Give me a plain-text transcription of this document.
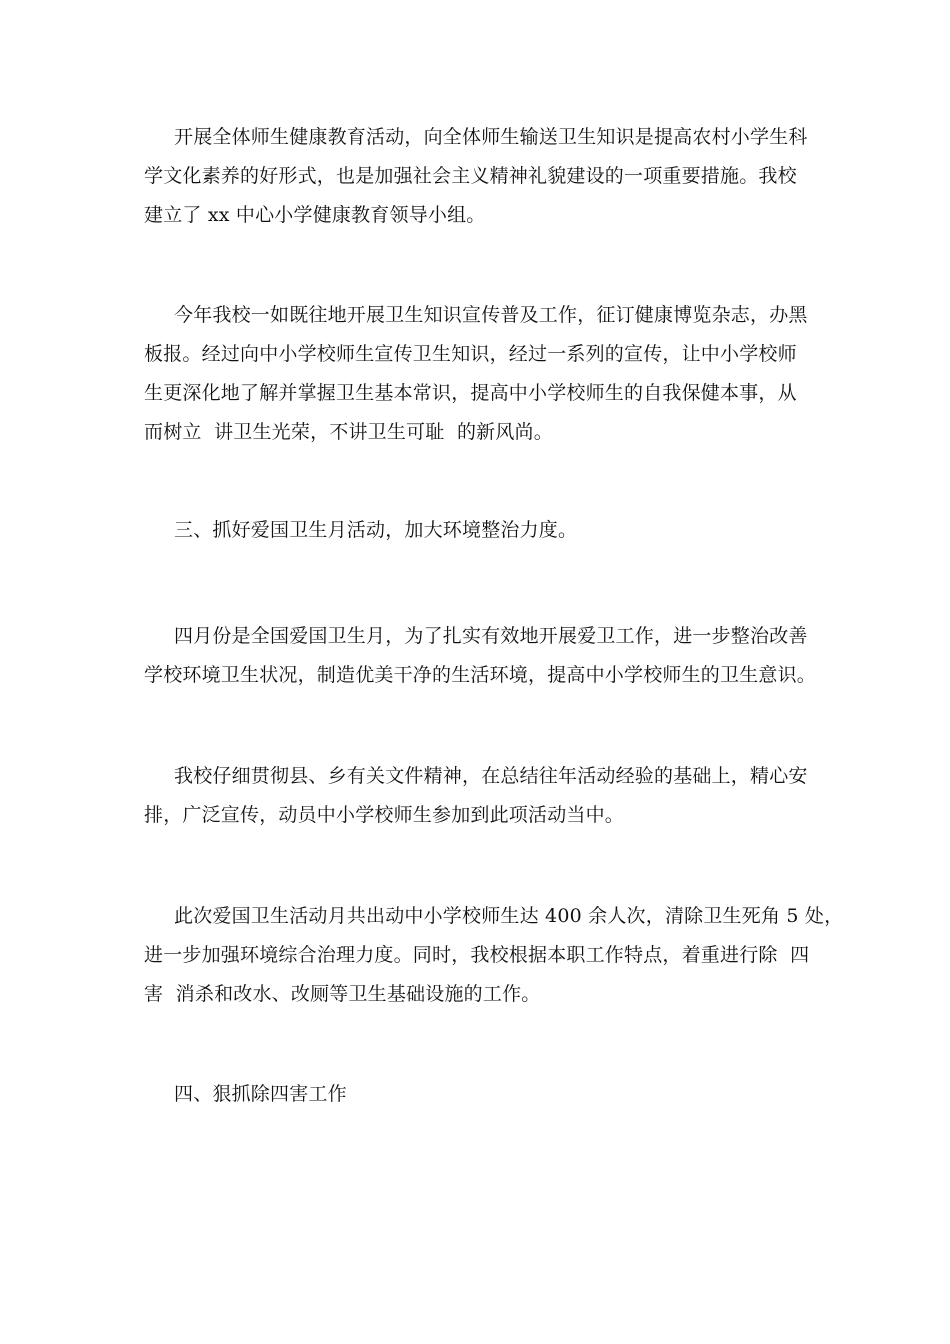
开展全体师生健康教育活动，向全体师生输送卫生知识是提高农村小学生科
学文化素养的好形式，也是加强社会主义精神礼貌建设的一项重要措施。我校
建立了 xx 中心小学健康教育领导小组。
今年我校一如既往地开展卫生知识宣传普及工作，征订健康博览杂志，办黑
板报。经过向中小学校师生宣传卫生知识，经过一系列的宣传，让中小学校师
生更深化地了解并掌握卫生基本常识，提高中小学校师生的自我保健本事，从
而树立  讲卫生光荣，不讲卫生可耻  的新风尚。
三、抓好爱国卫生月活动，加大环境整治力度。
四月份是全国爱国卫生月，为了扎实有效地开展爱卫工作，进一步整治改善
学校环境卫生状况，制造优美干净的生活环境，提高中小学校师生的卫生意识。
我校仔细贯彻县、乡有关文件精神，在总结往年活动经验的基础上，精心安
排，广泛宣传，动员中小学校师生参加到此项活动当中。
此次爱国卫生活动月共出动中小学校师生达 400 余人次，清除卫生死角 5 处，
进一步加强环境综合治理力度。同时，我校根据本职工作特点，着重进行除  四
害  消杀和改水、改厕等卫生基础设施的工作。
四、狠抓除四害工作
